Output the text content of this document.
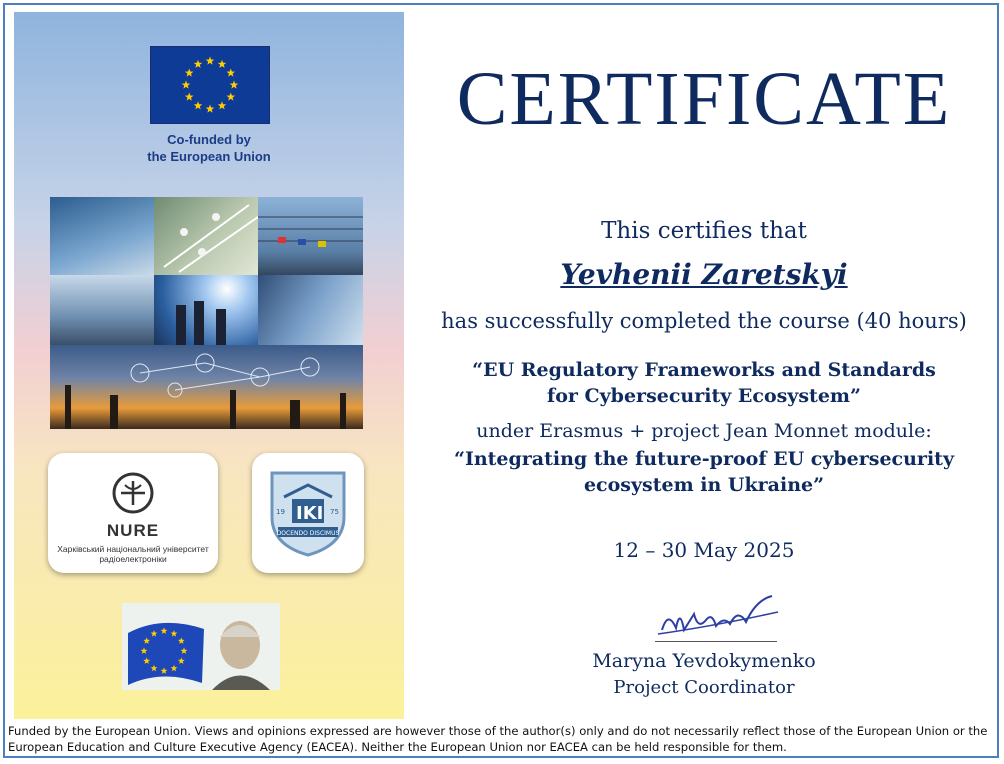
Co-funded by
the European Union
NURE
Харківський національний університет
радіоелектроніки
IKI
19	75
DOCENDO DISCIMUS
CERTIFICATE
This certifies that
Yevhenii Zaretskyi
has successfully completed the course (40 hours)
“EU Regulatory Frameworks and Standards
for Cybersecurity Ecosystem”
under Erasmus + project Jean Monnet module:
“Integrating the future-proof EU cybersecurity
ecosystem in Ukraine”
12 – 30 May 2025
Maryna Yevdokymenko
Project Coordinator
Funded by the European Union. Views and opinions expressed are however those of the author(s) only and do not necessarily reflect those of the European Union or the
European Education and Culture Executive Agency (EACEA). Neither the European Union nor EACEA can be held responsible for them.
